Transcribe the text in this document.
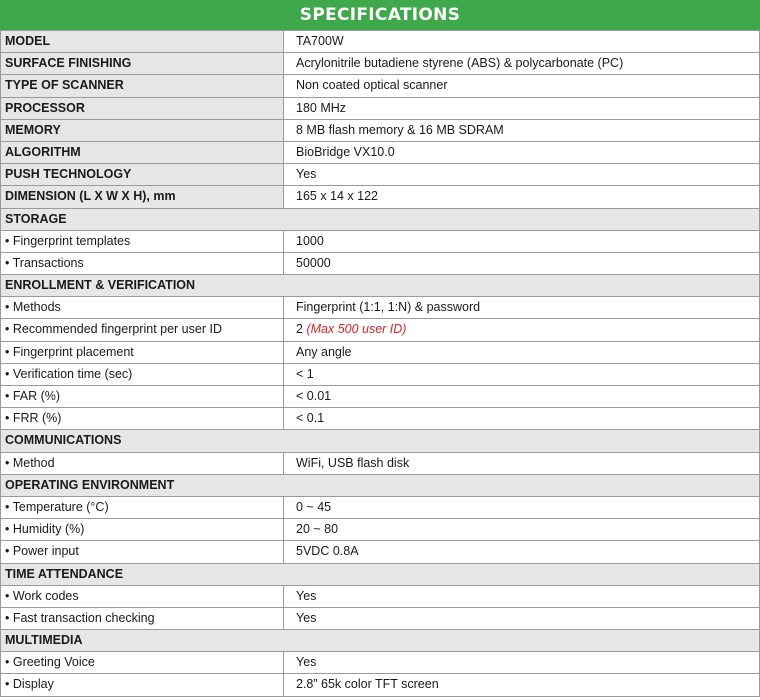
SPECIFICATIONS
MODEL	TA700W
SURFACE FINISHING	Acrylonitrile butadiene styrene (ABS) & polycarbonate (PC)
TYPE OF SCANNER	Non coated optical scanner
PROCESSOR	180 MHz
MEMORY	8 MB flash memory & 16 MB SDRAM
ALGORITHM	BioBridge VX10.0
PUSH TECHNOLOGY	Yes
DIMENSION (L X W X H), mm	165 x 14 x 122
STORAGE
• Fingerprint templates	1000
• Transactions	50000
ENROLLMENT & VERIFICATION
• Methods	Fingerprint (1:1, 1:N) & password
• Recommended fingerprint per user ID	2 (Max 500 user ID)
• Fingerprint placement	Any angle
• Verification time (sec)	< 1
• FAR (%)	< 0.01
• FRR (%)	< 0.1
COMMUNICATIONS
• Method	WiFi, USB flash disk
OPERATING ENVIRONMENT
• Temperature (°C)	0 ~ 45
• Humidity (%)	20 ~ 80
• Power input	5VDC 0.8A
TIME ATTENDANCE
• Work codes	Yes
• Fast transaction checking	Yes
MULTIMEDIA
• Greeting Voice	Yes
• Display	2.8” 65k color TFT screen
